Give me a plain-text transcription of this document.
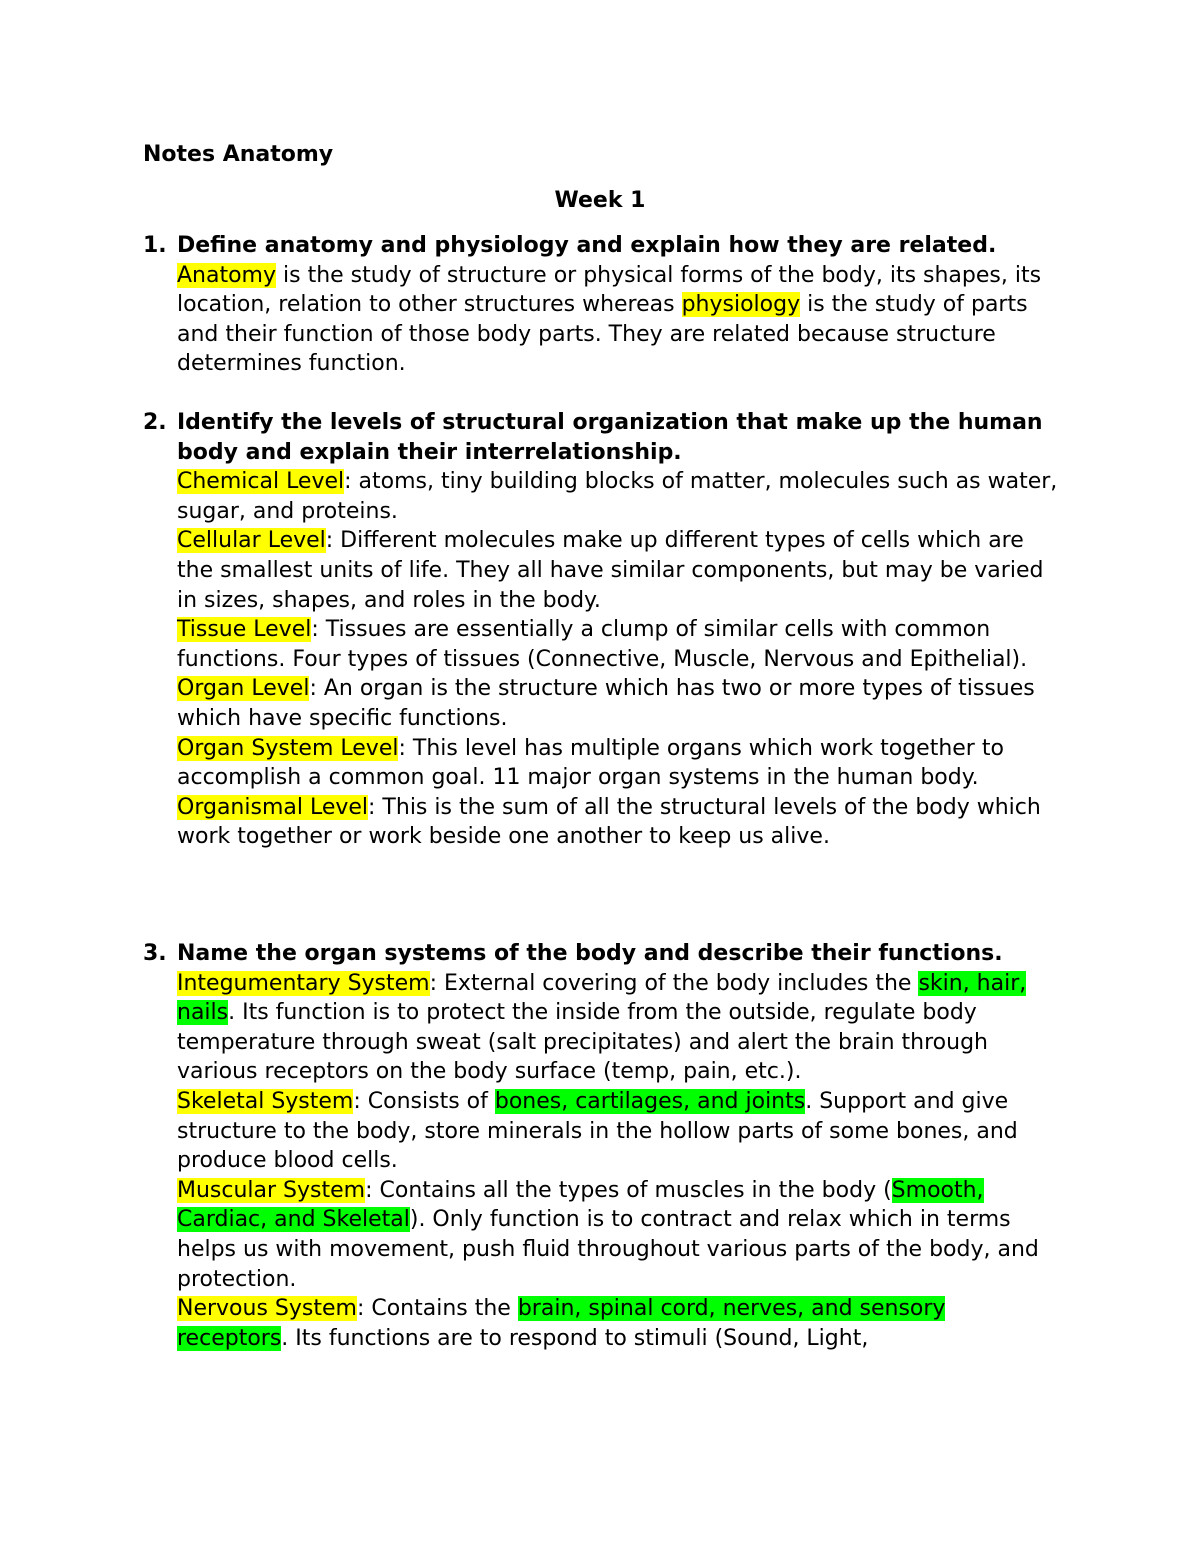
Notes Anatomy
Week 1
1. Define anatomy and physiology and explain how they are related.

Anatomy is the study of structure or physical forms of the body, its shapes, its location, relation to other structures whereas physiology is the study of parts and their function of those body parts. They are related because structure determines function.

2. Identify the levels of structural organization that make up the human body and explain their interrelationship.

Chemical Level: atoms, tiny building blocks of matter, molecules such as water, sugar, and proteins.

Cellular Level: Different molecules make up different types of cells which are the smallest units of life. They all have similar components, but may be varied in sizes, shapes, and roles in the body.

Tissue Level: Tissues are essentially a clump of similar cells with common functions. Four types of tissues (Connective, Muscle, Nervous and Epithelial).

Organ Level: An organ is the structure which has two or more types of tissues which have specific functions.

Organ System Level: This level has multiple organs which work together to accomplish a common goal. 11 major organ systems in the human body.

Organismal Level: This is the sum of all the structural levels of the body which work together or work beside one another to keep us alive.

3. Name the organ systems of the body and describe their functions.

Integumentary System: External covering of the body includes the skin, hair, nails. Its function is to protect the inside from the outside, regulate body temperature through sweat (salt precipitates) and alert the brain through various receptors on the body surface (temp, pain, etc.).

Skeletal System: Consists of bones, cartilages, and joints. Support and give structure to the body, store minerals in the hollow parts of some bones, and produce blood cells.

Muscular System: Contains all the types of muscles in the body (Smooth, Cardiac, and Skeletal). Only function is to contract and relax which in terms helps us with movement, push fluid throughout various parts of the body, and protection.

Nervous System: Contains the brain, spinal cord, nerves, and sensory receptors. Its functions are to respond to stimuli (Sound, Light,
